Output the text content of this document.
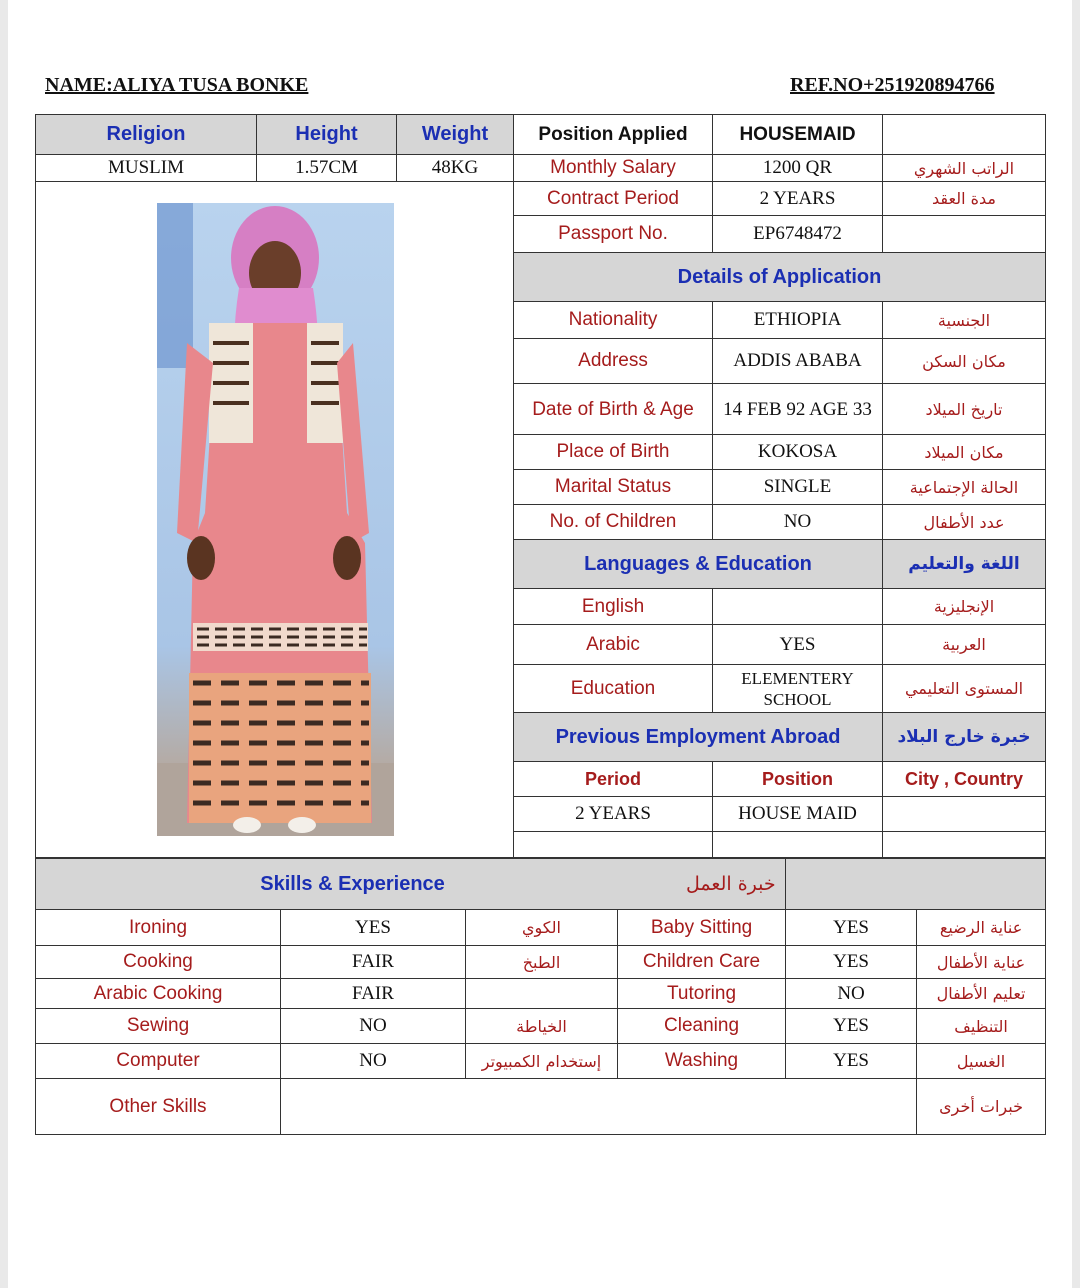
NAME:ALIYA TUSA BONKE	REF.NO+251920894766
Religion	Height	Weight	Position Applied	HOUSEMAID	
MUSLIM	1.57CM	48KG	Monthly Salary	1200 QR	الراتب الشهري
			Contract Period	2 YEARS	مدة العقد
			Passport No.	EP6748472	
			Details of Application		
			Nationality	ETHIOPIA	الجنسية
			Address	ADDIS ABABA	مكان السكن
			Date of Birth & Age	14 FEB 92 AGE 33	تاريخ الميلاد
			Place of Birth	KOKOSA	مكان الميلاد
			Marital Status	SINGLE	الحالة الإجتماعية
			No. of Children	NO	عدد الأطفال
			Languages & Education		اللغة والتعليم
			English		الإنجليزية
			Arabic	YES	العربية
			Education	ELEMENTERY SCHOOL	المستوى التعليمي
			Previous Employment Abroad		خبرة خارج البلاد
			Period	Position	City , Country
			2 YEARS	HOUSE MAID	

Skills & Experience				خبرة العمل	
Ironing	YES	الكوي	Baby Sitting	YES	عناية الرضيع
Cooking	FAIR	الطبخ	Children Care	YES	عناية الأطفال
Arabic Cooking	FAIR		Tutoring	NO	تعليم الأطفال
Sewing	NO	الخياطة	Cleaning	YES	التنظيف
Computer	NO	إستخدام الكمبيوتر	Washing	YES	الغسيل
Other Skills					خبرات أخرى
